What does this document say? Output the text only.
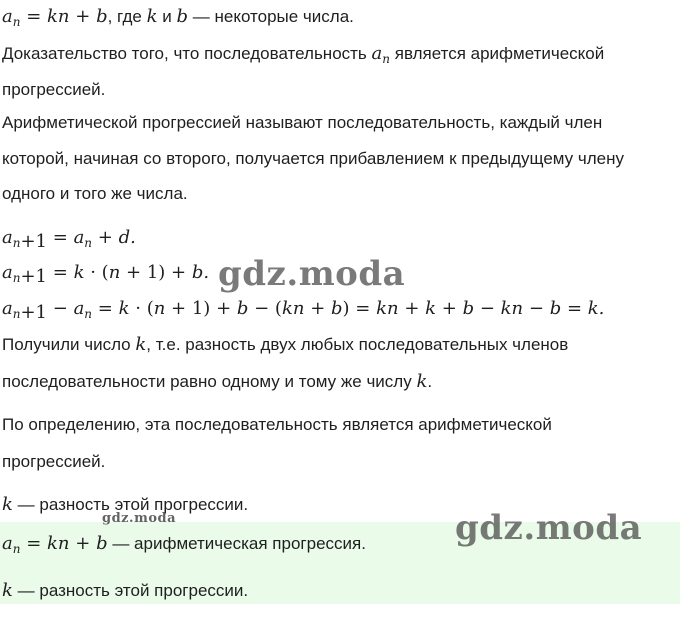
$a_n$ = kn + b, где k и b — некоторые числа.
Доказательство того, что последовательность $a_n$ является арифметической
прогрессией.
Арифметической прогрессией называют последовательность, каждый член
которой, начиная со второго, получается прибавлением к предыдущему члену
одного и того же числа.
$a_{n+1} = a_n + d$.
$a_{n+1} = k \cdot (n + 1) + b$.
$a_{n+1} - a_n = k \cdot (n + 1) + b - (kn + b)$ = kn + k + b − kn − b = k.
Получили число k, т.е. разность двух любых последовательных членов
последовательности равно одному и тому же числу k.
По определению, эта последовательность является арифметической
прогрессией.
k — разность этой прогрессии.
$a_n$ = kn + b — арифметическая прогрессия.
k — разность этой прогрессии.
gdz.moda
gdz.moda
gdz.moda
